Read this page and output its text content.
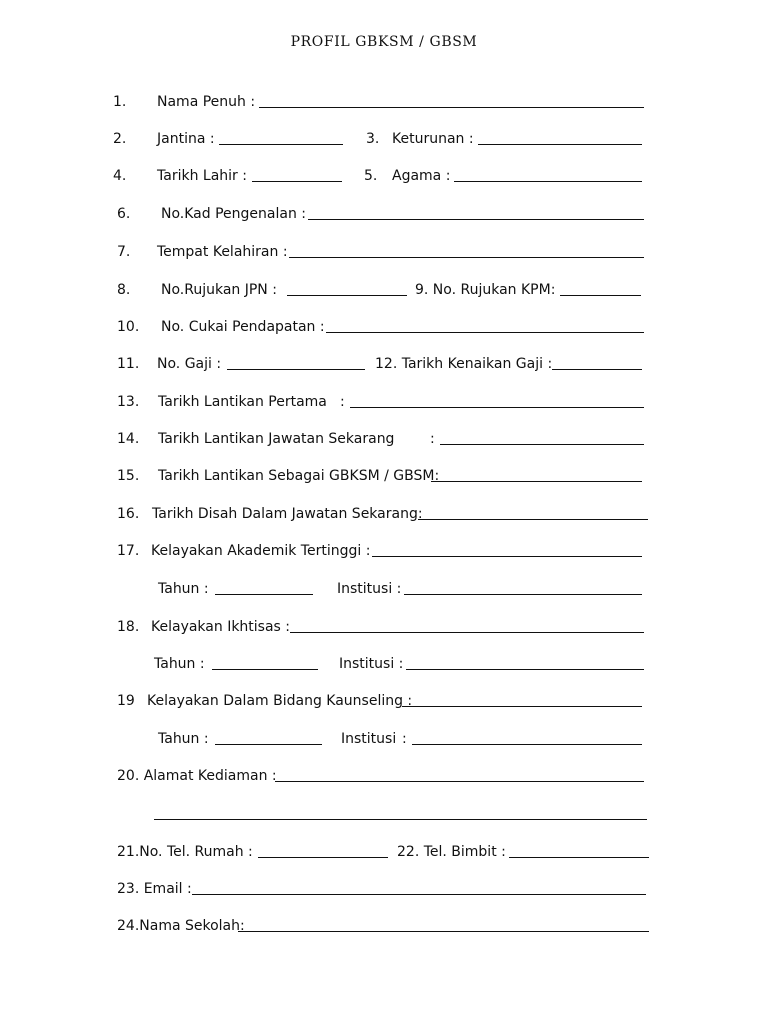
PROFIL GBKSM / GBSM
1. Nama Penuh :
2. Jantina :	3. Keturunan :
4. Tarikh Lahir :	5. Agama :
6. No.Kad Pengenalan :
7. Tempat Kelahiran :
8. No.Rujukan JPN :	9. No. Rujukan KPM:
10. No. Cukai Pendapatan :
11. No. Gaji :	12. Tarikh Kenaikan Gaji :
13. Tarikh Lantikan Pertama :
14. Tarikh Lantikan Jawatan Sekarang	:
15. Tarikh Lantikan Sebagai GBKSM / GBSM:
16. Tarikh Disah Dalam Jawatan Sekarang:
17. Kelayakan Akademik Tertinggi :
Tahun :	Institusi :
18. Kelayakan Ikhtisas :
Tahun :	Institusi :
19 Kelayakan Dalam Bidang Kaunseling :
Tahun :	Institusi :
20. Alamat Kediaman :
21.No. Tel. Rumah :	22. Tel. Bimbit :
23. Email :
24.Nama Sekolah:
